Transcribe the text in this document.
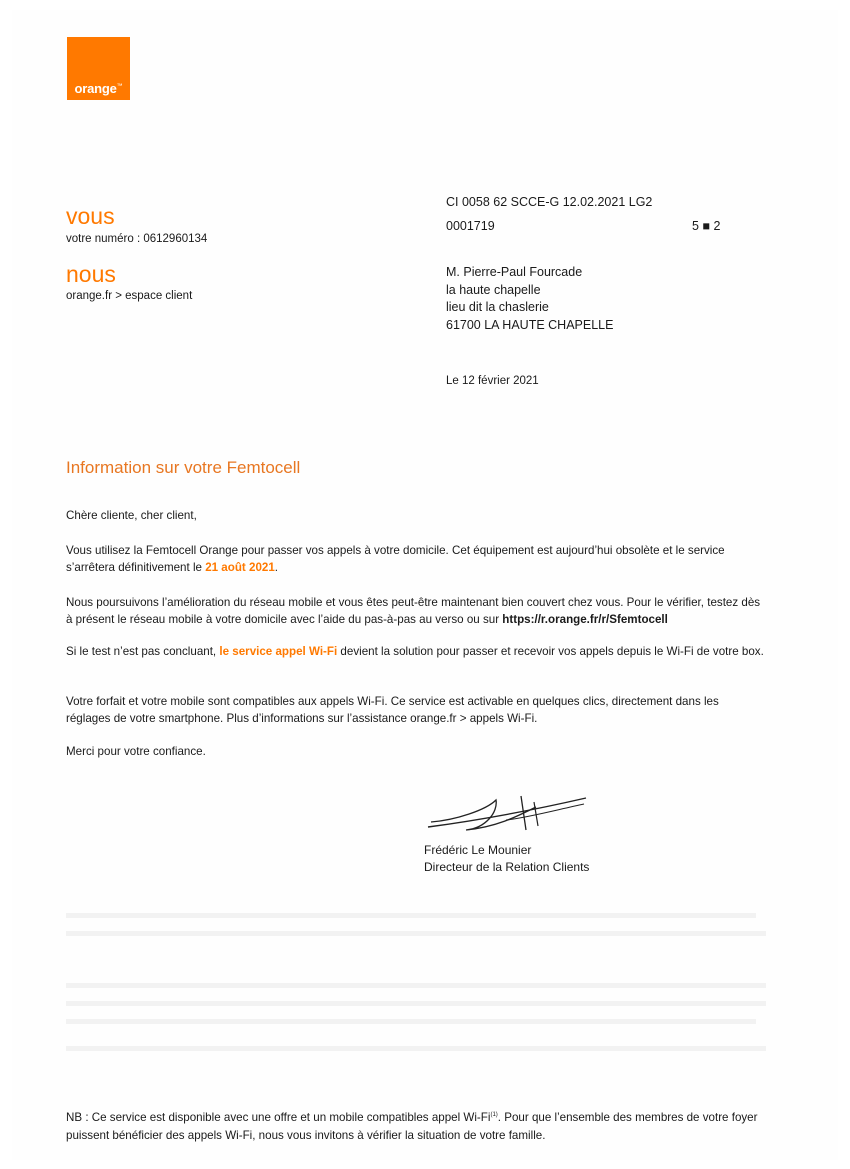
orange™
vous
votre numéro : 0612960134
nous
orange.fr > espace client
CI 0058 62 SCCE-G 12.02.2021 LG2
0001719	5 ■ 2
M. Pierre-Paul Fourcade
la haute chapelle
lieu dit la chaslerie
61700 LA HAUTE CHAPELLE
Le 12 février 2021
Information sur votre Femtocell
Chère cliente, cher client,
Vous utilisez la Femtocell Orange pour passer vos appels à votre domicile. Cet équipement est aujourd’hui obsolète et le service s’arrêtera définitivement le 21 août 2021.
Nous poursuivons l’amélioration du réseau mobile et vous êtes peut-être maintenant bien couvert chez vous. Pour le vérifier, testez dès à présent le réseau mobile à votre domicile avec l’aide du pas-à-pas au verso ou sur https://r.orange.fr/r/Sfemtocell
Si le test n’est pas concluant, le service appel Wi-Fi devient la solution pour passer et recevoir vos appels depuis le Wi-Fi de votre box.
Votre forfait et votre mobile sont compatibles aux appels Wi-Fi. Ce service est activable en quelques clics, directement dans les réglages de votre smartphone. Plus d’informations sur l’assistance orange.fr > appels Wi-Fi.
Merci pour votre confiance.
Frédéric Le Mounier
Directeur de la Relation Clients
NB : Ce service est disponible avec une offre et un mobile compatibles appel Wi-Fi$^{(1)}$. Pour que l’ensemble des membres de votre foyer puissent bénéficier des appels Wi-Fi, nous vous invitons à vérifier la situation de votre famille.
